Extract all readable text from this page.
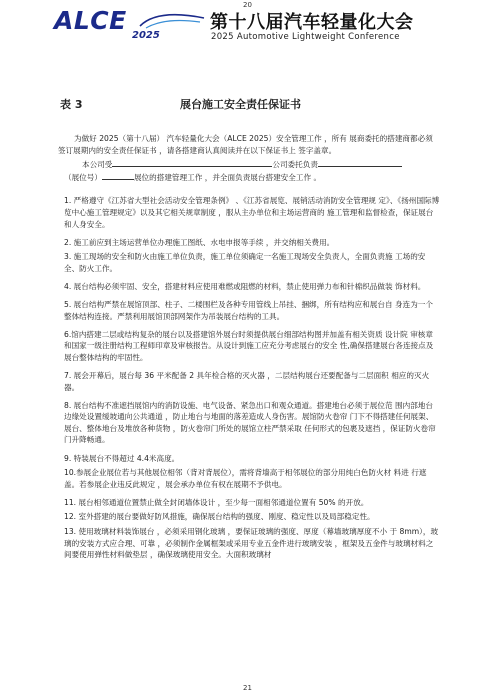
20
ALCE
2025
第十八届汽车轻量化大会
2025 Automotive Lightweight Conference
表 3	展台施工安全责任保证书

为做好 2025（第十八届） 汽车轻量化大会（ALCE 2025）安全管理工作 ，所有 展商委托的搭建商都必须签订展期内的安全责任保证书 ，请各搭建商认真阅读并在以下保证书上 签字盖章。

本公司受	公司委托负责

（展位号）	展位的搭建管理工作 ，并全面负责展台搭建安全工作 。

1. 严格遵守《江苏省大型社会活动安全管理条例》 、《江苏省展览、展销活动消防安全管理规 定》、《扬州国际博览中心施工管理规定》以及其它相关规章制度 ，服从主办单位和主场运营商的 施工管理和监督检查，保证展台和人身安全。

2. 施工前应到主场运营单位办理施工图纸、水电申报等手续 ，并交纳相关费用。

3. 施工现场的安全和防火由施工单位负责，施工单位须确定一名施工现场安全负责人，全面负责施 工场的安全、防火工作。

4. 展台结构必须牢固、安全，搭建材料应使用难燃或阻燃的材料，禁止使用弹力布和针棉织品做装 饰材料。

5. 展台结构严禁在展馆顶部、柱子、二楼围栏及各种专用管线上吊挂、捆绑，所有结构应和展台自 身连为一个整体结构连接。严禁利用展馆顶部网架作为吊装展台结构的工具。

6.馆内搭建二层或结构复杂的展台以及搭建馆外展台时须提供展台细部结构图并加盖有相关资质 设计院 审核章和国家一级注册结构工程师印章及审核报告。从设计到施工应充分考虑展台的安全 性,确保搭建展台各连接点及展台整体结构的牢固性。

7. 展会开幕后，展台每 36 平米配备 2 具年检合格的灭火器 ，二层结构展台还要配备与二层面积 相应的灭火器。

8. 展台结构不准遮挡展馆内的消防设施、电气设备、紧急出口和观众通道。搭建地台必须于展位范 围内部地台边缘处设置缓坡通向公共通道 ，防止地台与地面的落差造成人身伤害。展馆防火卷帘 门下不得搭建任何展架、展台、整体地台及堆放各种货物 ，防火卷帘门所处的展馆立柱严禁采取 任何形式的包裹及遮挡 ，保证防火卷帘门升降畅通。

9. 特装展台不得超过 4.4米高度。

10.参展企业展位若与其他展位相邻（背对背展位），需将背墙高于相邻展位的部分用纯白色防火材 料进 行遮盖。若参展企业违反此规定 ，展会承办单位有权在展期不予供电。

11. 展台相邻通道位置禁止做全封闭墙体设计 ，至少每一面相邻通道位置有 50% 的开放。

12. 室外搭建的展台要做好防风措施，确保展台结构的强度、刚度、稳定性以及局部稳定性。

13. 使用玻璃材料装饰展台 ，必须采用钢化玻璃 ，要保证玻璃的强度、厚度（幕墙玻璃厚度不小 于 8mm），玻璃的安装方式应合理、可靠 ，必须制作金属框架或采用专业五金件进行玻璃安装 ，框架及五金件与玻璃材料之间要使用弹性材料做垫层 ，确保玻璃使用安全。大面积玻璃材

21
